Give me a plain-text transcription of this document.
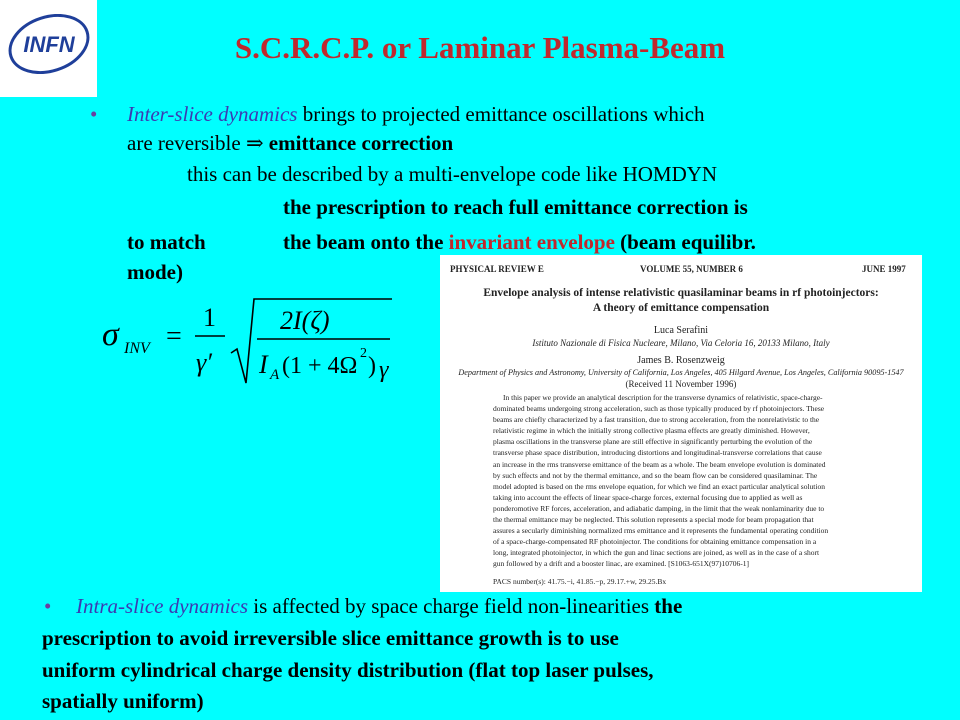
INFN	S.C.R.C.P. or Laminar Plasma-Beam
• Inter-slice dynamics brings to projected emittance oscillations which
are reversible ⇒ emittance correction
this can be described by a multi-envelope code like HOMDYN
the prescription to reach full emittance correction is
to match	the beam onto the invariant envelope (beam equilibr.
mode)
σ INV =
1
γ′
2I(ζ)
I A (1 + 4Ω 2 ) γ
PHYSICAL REVIEW E	VOLUME 55, NUMBER 6	JUNE 1997
Envelope analysis of intense relativistic quasilaminar beams in rf photoinjectors:
A theory of emittance compensation
Luca Serafini
Istituto Nazionale di Fisica Nucleare, Milano, Via Celoria 16, 20133 Milano, Italy
James B. Rosenzweig
Department of Physics and Astronomy, University of California, Los Angeles, 405 Hilgard Avenue, Los Angeles, California 90095-1547
(Received 11 November 1996)
In this paper we provide an analytical description for the transverse dynamics of relativistic, space-charge-
dominated beams undergoing strong acceleration, such as those typically produced by rf photoinjectors. These
beams are chiefly characterized by a fast transition, due to strong acceleration, from the nonrelativistic to the
relativistic regime in which the initially strong collective plasma effects are greatly diminished. However,
plasma oscillations in the transverse plane are still effective in significantly perturbing the evolution of the
transverse phase space distribution, introducing distortions and longitudinal-transverse correlations that cause
an increase in the rms transverse emittance of the beam as a whole. The beam envelope evolution is dominated
by such effects and not by the thermal emittance, and so the beam flow can be considered quasilaminar. The
model adopted is based on the rms envelope equation, for which we find an exact particular analytical solution
taking into account the effects of linear space-charge forces, external focusing due to applied as well as
ponderomotive RF forces, acceleration, and adiabatic damping, in the limit that the weak nonlaminarity due to
the thermal emittance may be neglected. This solution represents a special mode for beam propagation that
assures a secularly diminishing normalized rms emittance and it represents the fundamental operating condition
of a space-charge-compensated RF photoinjector. The conditions for obtaining emittance compensation in a
long, integrated photoinjector, in which the gun and linac sections are joined, as well as in the case of a short
gun followed by a drift and a booster linac, are examined. [S1063-651X(97)10706-1]
PACS number(s): 41.75.−i, 41.85.−p, 29.17.+w, 29.25.Bx
• Intra-slice dynamics is affected by space charge field non-linearities the
prescription to avoid irreversible slice emittance growth is to use
uniform cylindrical charge density distribution (flat top laser pulses,
spatially uniform)
